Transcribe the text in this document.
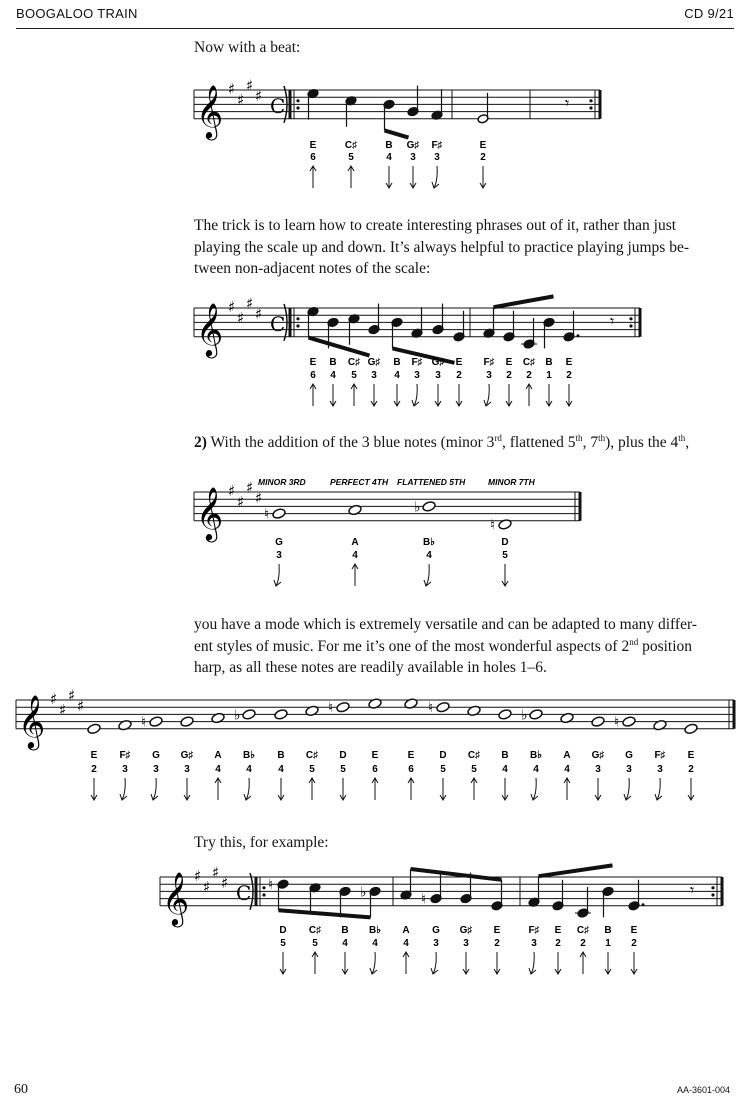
BOOGALOO TRAIN	CD 9/21
Now with a beat:
The trick is to learn how to create interesting phrases out of it, rather than just
playing the scale up and down. It’s always helpful to practice playing jumps be-
tween non-adjacent notes of the scale:
2) With the addition of the 3 blue notes (minor 3rd, flattened 5th, 7th), plus the 4th,
you have a mode which is extremely versatile and can be adapted to many differ-
ent styles of music. For me it’s one of the most wonderful aspects of 2nd position
harp, as all these notes are readily available in holes 1–6.
Try this, for example:
𝄞 ♯
♯
♯
♯ C	𝄾
E
6
C♯
5
B
4
G♯
3
F♯
3
E
2
𝄞 ♯
♯
♯
♯ C	𝄾
E
6
B
4
C♯
5
G♯
3
B
4
F♯
3
G♯
3
E
2
F♯
3
E
2
C♯
2
B
1
E
2
𝄞 ♯
♯
♯
♯
♮	♭
♮
G
3
A
4
B♭
4
D
5
𝄞 ♯
♯
♯
♯
♮	♭	♮	♮	♭	♮
E
2
F♯
3
G
3
G♯
3
A
4
B♭
4
B
4
C♯
5
D
5
E
6
E
6
D
5
C♯
5
B
4
B♭
4
A
4
G♯
3
G
3
F♯
3
E
2
𝄞 ♯
♯
♯
♯ C ♮	♭	♮	𝄾
D
5
C♯
5
B
4
B♭
4
A
4
G
3
G♯
3
E
2
F♯
3
E
2
C♯
2
B
1
E
2
MINOR 3RD	PERFECT 4TH FLATTENED 5TH	MINOR 7TH
60	AA-3601-004
